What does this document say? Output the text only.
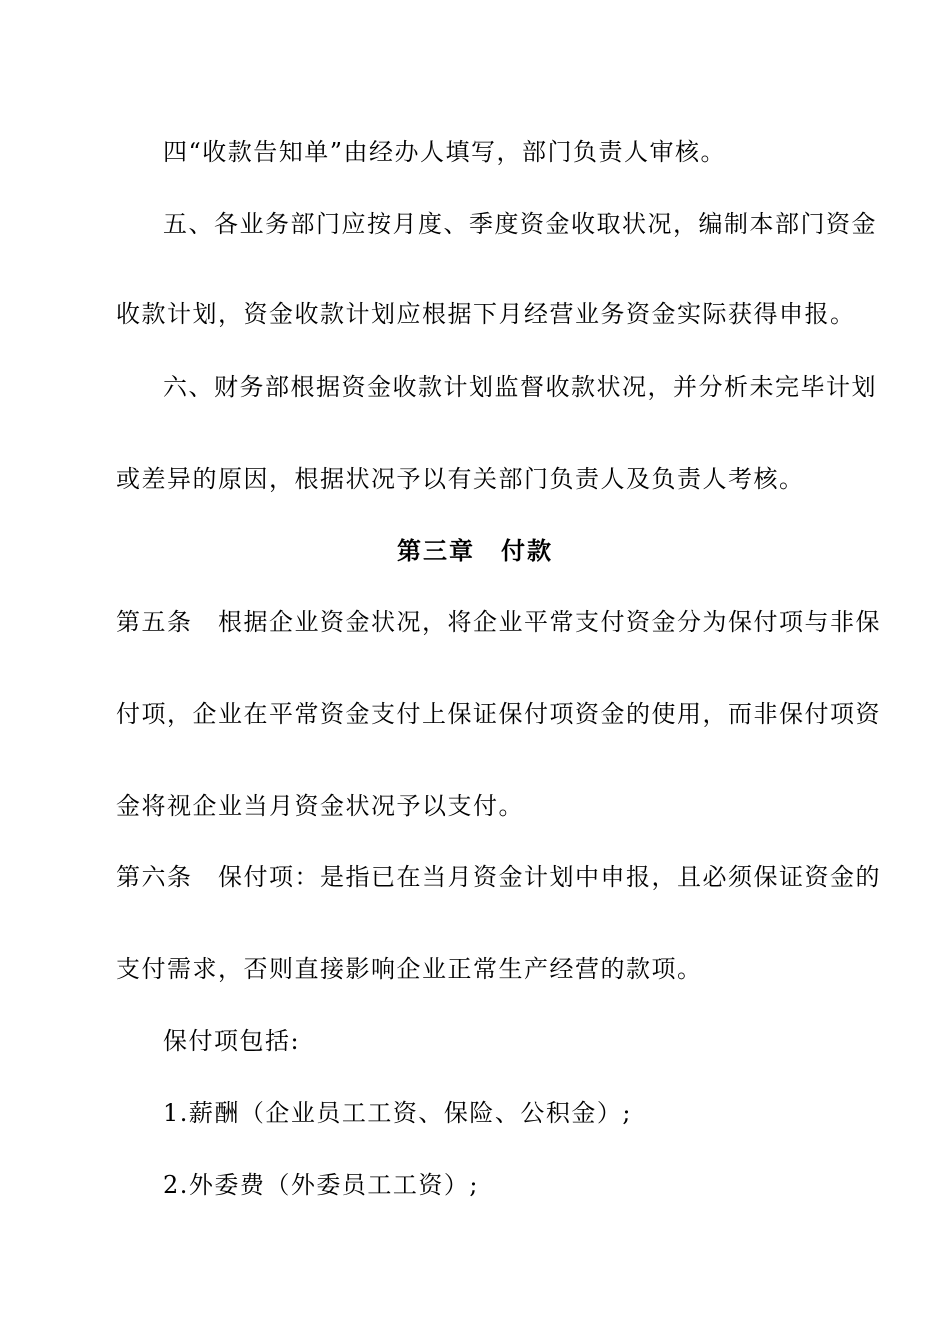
四“收款告知单”由经办人填写，部门负责人审核。

五、各业务部门应按月度、季度资金收取状况，编制本部门资金

收款计划，资金收款计划应根据下月经营业务资金实际获得申报。

六、财务部根据资金收款计划监督收款状况，并分析未完毕计划

或差异的原因，根据状况予以有关部门负责人及负责人考核。

第三章　付款

第五条　根据企业资金状况，将企业平常支付资金分为保付项与非保

付项，企业在平常资金支付上保证保付项资金的使用，而非保付项资

金将视企业当月资金状况予以支付。

第六条　保付项：是指已在当月资金计划中申报，且必须保证资金的

支付需求，否则直接影响企业正常生产经营的款项。

保付项包括:

1.薪酬（企业员工工资、保险、公积金）;

2.外委费（外委员工工资）;
